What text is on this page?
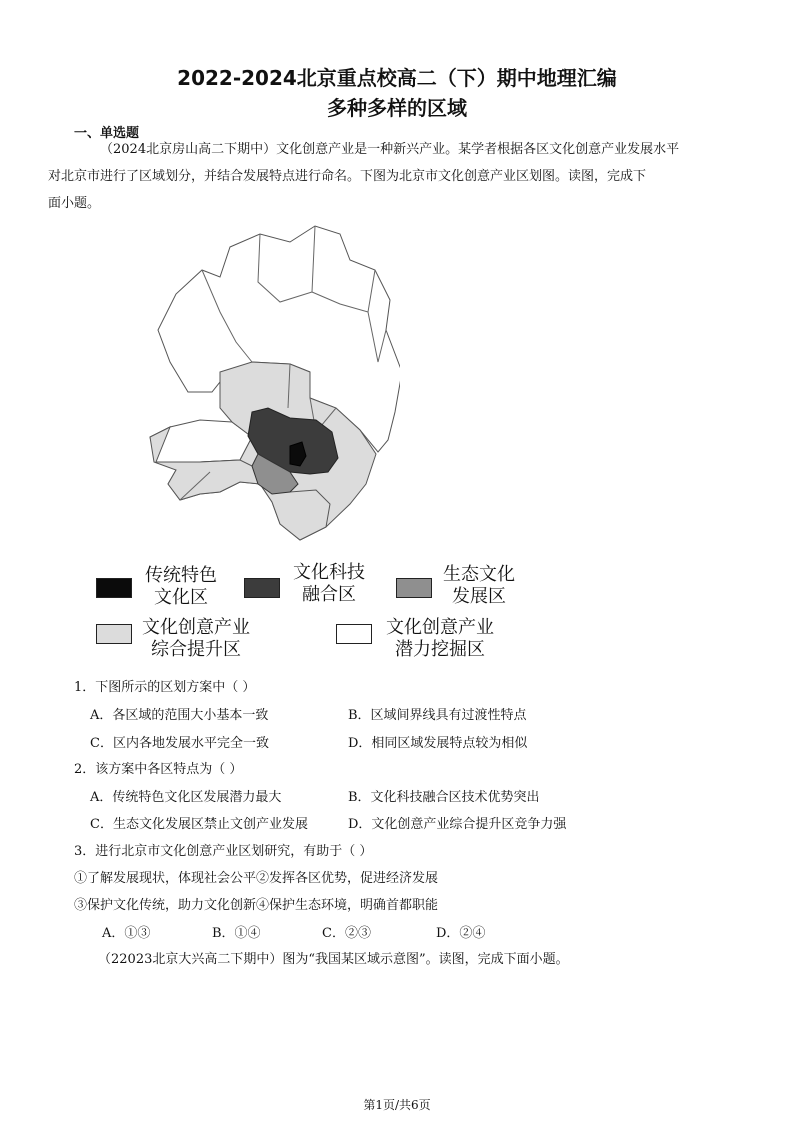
2022-2024北京重点校高二（下）期中地理汇编
多种多样的区域
一、单选题
（2024北京房山高二下期中）文化创意产业是一种新兴产业。某学者根据各区文化创意产业发展水平
对北京市进行了区域划分，并结合发展特点进行命名。下图为北京市文化创意产业区划图。读图，完成下
面小题。
传统特色
文化区
文化科技
融合区
生态文化
发展区
文化创意产业
综合提升区
文化创意产业
潜力挖掘区
1．下图所示的区划方案中（ ）
A．各区域的范围大小基本一致	B．区域间界线具有过渡性特点
C．区内各地发展水平完全一致	D．相同区域发展特点较为相似
2．该方案中各区特点为（ ）
A．传统特色文化区发展潜力最大	B．文化科技融合区技术优势突出
C．生态文化发展区禁止文创产业发展	D．文化创意产业综合提升区竞争力强
3．进行北京市文化创意产业区划研究，有助于（ ）
①了解发展现状，体现社会公平②发挥各区优势，促进经济发展
③保护文化传统，助力文化创新④保护生态环境，明确首都职能
A．①③	B．①④	C．②③	D．②④
（22023北京大兴高二下期中）图为“我国某区域示意图”。读图，完成下面小题。
第1页/共6页
